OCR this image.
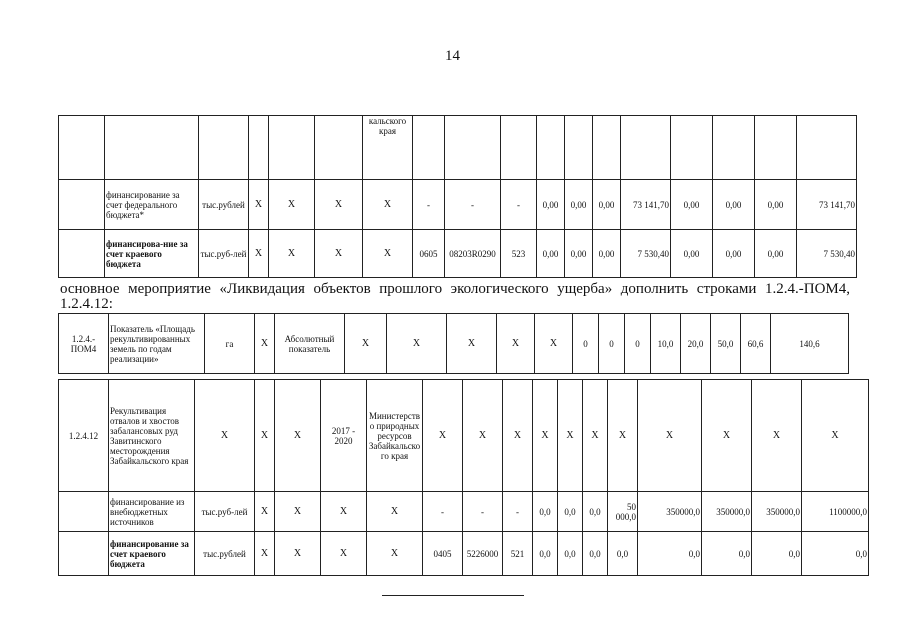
14
						кальского края											
	финансирование за счет федерального бюджета*	тыс.рублей	Х	Х	Х	Х	-	-	-	0,00	0,00	0,00	73 141,70	0,00	0,00	0,00	73 141,70
	финансирова-ние за счет краевого бюджета	тыс.руб-лей	Х	Х	Х	Х	0605	08203R0290	523	0,00	0,00	0,00	7 530,40	0,00	0,00	0,00	7 530,40
основное мероприятие «Ликвидация объектов прошлого экологического ущерба» дополнить строками 1.2.4.-ПОМ4, 1.2.4.12:
1.2.4.-ПОМ4	Показатель «Площадь рекультивированных земель по годам реализации»	га	Х	Абсолютный показатель	Х	Х	Х	Х	Х	0	0	0	10,0	20,0	50,0	60,6	140,6
1.2.4.12	Рекультивация отвалов и хвостов забалансовых руд Завитинского месторождения Забайкальского края	Х	Х	Х	2017 - 2020	Министерство природных ресурсов Забайкальского края	Х	Х	Х	Х	Х	Х	Х	Х	Х	Х	Х
	финансирование из внебюджетных источников	тыс.руб-лей	Х	Х	Х	Х	-	-	-	0,0	0,0	0,0	50 000,0	350000,0	350000,0	350000,0	1100000,0
	финансирование за счет краевого бюджета	тыс.рублей	Х	Х	Х	Х	0405	5226000	521	0,0	0,0	0,0	0,0	0,0	0,0	0,0	0,0
